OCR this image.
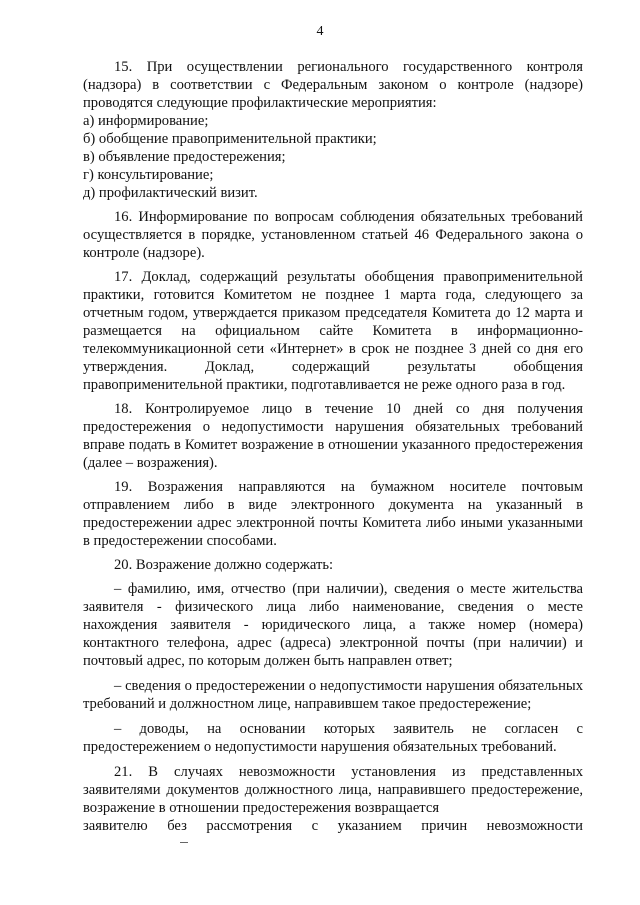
4

15. При осуществлении регионального государственного контроля (надзора) в соответствии с Федеральным законом о контроле (надзоре) проводятся следующие профилактические мероприятия:

а) информирование;

б) обобщение правоприменительной практики;

в) объявление предостережения;

г) консультирование;

д) профилактический визит.

16. Информирование по вопросам соблюдения обязательных требований осуществляется в порядке, установленном статьей 46 Федерального закона о контроле (надзоре).

17. Доклад, содержащий результаты обобщения правоприменительной практики, готовится Комитетом не позднее 1 марта года, следующего за отчетным годом, утверждается приказом председателя Комитета до 12 марта и размещается на официальном сайте Комитета в информационно-телекоммуникационной сети «Интернет» в срок не позднее 3 дней со дня его утверждения. Доклад, содержащий результаты обобщения правоприменительной практики, подготавливается не реже одного раза в год.

18. Контролируемое лицо в течение 10 дней со дня получения предостережения о недопустимости нарушения обязательных требований вправе подать в Комитет возражение в отношении указанного предостережения (далее – возражения).

19. Возражения направляются на бумажном носителе почтовым отправлением либо в виде электронного документа на указанный в предостережении адрес электронной почты Комитета либо иными указанными в предостережении способами.

20. Возражение должно содержать:

– фамилию, имя, отчество (при наличии), сведения о месте жительства заявителя - физического лица либо наименование, сведения о месте нахождения заявителя - юридического лица, а также номер (номера) контактного телефона, адрес (адреса) электронной почты (при наличии) и почтовый адрес, по которым должен быть направлен ответ;

– сведения о предостережении о недопустимости нарушения обязательных требований и должностном лице, направившем такое предостережение;

– доводы, на основании которых заявитель не согласен с предостережением о недопустимости нарушения обязательных требований.

21. В случаях невозможности установления из представленных заявителями документов должностного лица, направившего предостережение, возражение в отношении предостережения возвращается

заявителю без рассмотрения с указанием причин невозможности
